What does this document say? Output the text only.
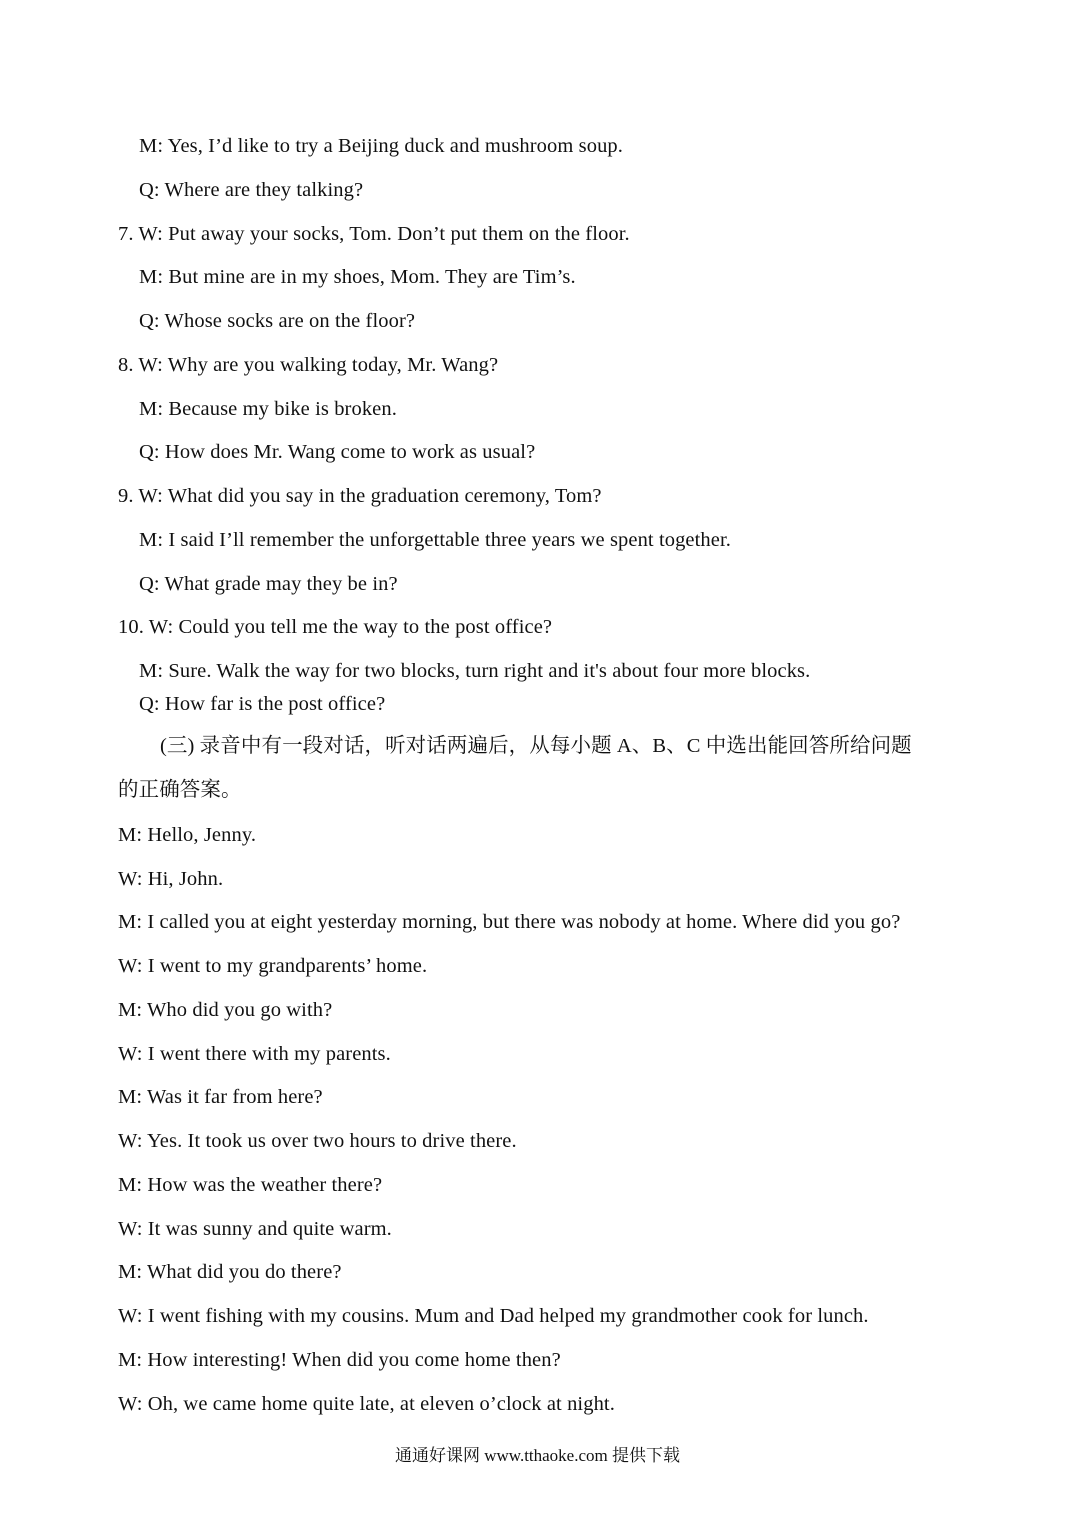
M: Yes, I’d like to try a Beijing duck and mushroom soup.
Q: Where are they talking?
7. W: Put away your socks, Tom. Don’t put them on the floor.
M: But mine are in my shoes, Mom. They are Tim’s.
Q: Whose socks are on the floor?
8. W: Why are you walking today, Mr. Wang?
M: Because my bike is broken.
Q: How does Mr. Wang come to work as usual?
9. W: What did you say in the graduation ceremony, Tom?
M: I said I’ll remember the unforgettable three years we spent together.
Q: What grade may they be in?
10. W: Could you tell me the way to the post office?
M: Sure. Walk the way for two blocks, turn right and it's about four more blocks.
Q: How far is the post office?
(三) 录音中有一段对话，听对话两遍后，从每小题 A、B、C 中选出能回答所给问题
的正确答案。
M: Hello, Jenny.
W: Hi, John.
M: I called you at eight yesterday morning, but there was nobody at home. Where did you go?
W: I went to my grandparents’ home.
M: Who did you go with?
W: I went there with my parents.
M: Was it far from here?
W: Yes. It took us over two hours to drive there.
M: How was the weather there?
W: It was sunny and quite warm.
M: What did you do there?
W: I went fishing with my cousins. Mum and Dad helped my grandmother cook for lunch.
M: How interesting! When did you come home then?
W: Oh, we came home quite late, at eleven o’clock at night.
通通好课网 www.tthaoke.com 提供下载
